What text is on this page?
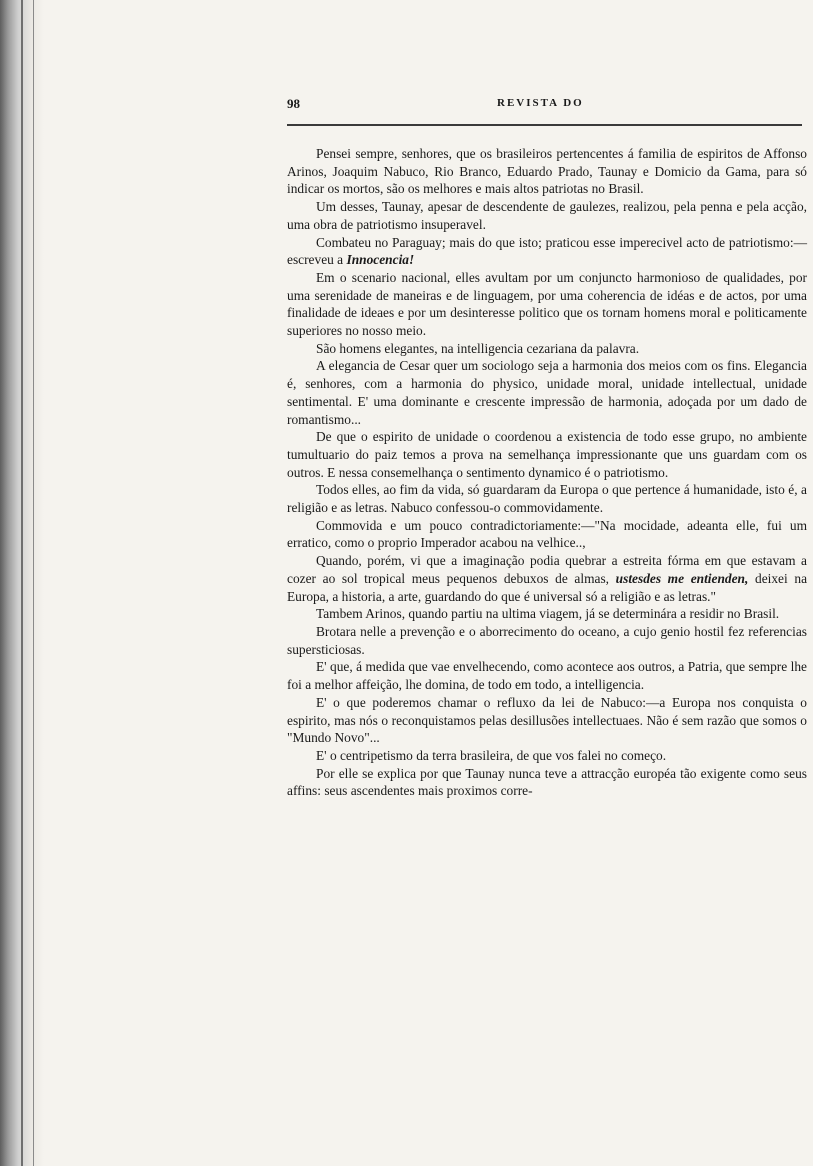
98	REVISTA DO

Pensei sempre, senhores, que os brasileiros pertencentes á familia de espiritos de Affonso Arinos, Joaquim Nabuco, Rio Branco, Eduardo Prado, Taunay e Domicio da Gama, para só indicar os mortos, são os melhores e mais altos patriotas no Brasil.

Um desses, Taunay, apesar de descendente de gaulezes, realizou, pela penna e pela acção, uma obra de patriotismo insuperavel.

Combateu no Paraguay; mais do que isto; praticou esse imperecivel acto de patriotismo:—escreveu a Innocencia!

Em o scenario nacional, elles avultam por um conjuncto harmonioso de qualidades, por uma serenidade de maneiras e de linguagem, por uma coherencia de idéas e de actos, por uma finalidade de ideaes e por um desinteresse politico que os tornam homens moral e politicamente superiores no nosso meio.

São homens elegantes, na intelligencia cezariana da palavra.

A elegancia de Cesar quer um sociologo seja a harmonia dos meios com os fins. Elegancia é, senhores, com a harmonia do physico, unidade moral, unidade intellectual, unidade sentimental. E' uma dominante e crescente impressão de harmonia, adoçada por um dado de romantismo...

De que o espirito de unidade o coordenou a existencia de todo esse grupo, no ambiente tumultuario do paiz temos a prova na semelhança impressionante que uns guardam com os outros. E nessa consemelhança o sentimento dynamico é o patriotismo.

Todos elles, ao fim da vida, só guardaram da Europa o que pertence á humanidade, isto é, a religião e as letras. Nabuco confessou-o commovidamente.

Commovida e um pouco contradictoriamente:—"Na mocidade, adeanta elle, fui um erratico, como o proprio Imperador acabou na velhice..,

Quando, porém, vi que a imaginação podia quebrar a estreita fórma em que estavam a cozer ao sol tropical meus pequenos debuxos de almas, ustesdes me entienden, deixei na Europa, a historia, a arte, guardando do que é universal só a religião e as letras."

Tambem Arinos, quando partiu na ultima viagem, já se determinára a residir no Brasil.

Brotara nelle a prevenção e o aborrecimento do oceano, a cujo genio hostil fez referencias supersticiosas.

E' que, á medida que vae envelhecendo, como acontece aos outros, a Patria, que sempre lhe foi a melhor affeição, lhe domina, de todo em todo, a intelligencia.

E' o que poderemos chamar o refluxo da lei de Nabuco:—a Europa nos conquista o espirito, mas nós o reconquistamos pelas desillusões intellectuaes. Não é sem razão que somos o "Mundo Novo"...

E' o centripetismo da terra brasileira, de que vos falei no começo.

Por elle se explica por que Taunay nunca teve a attracção européa tão exigente como seus affins: seus ascendentes mais proximos corre-
